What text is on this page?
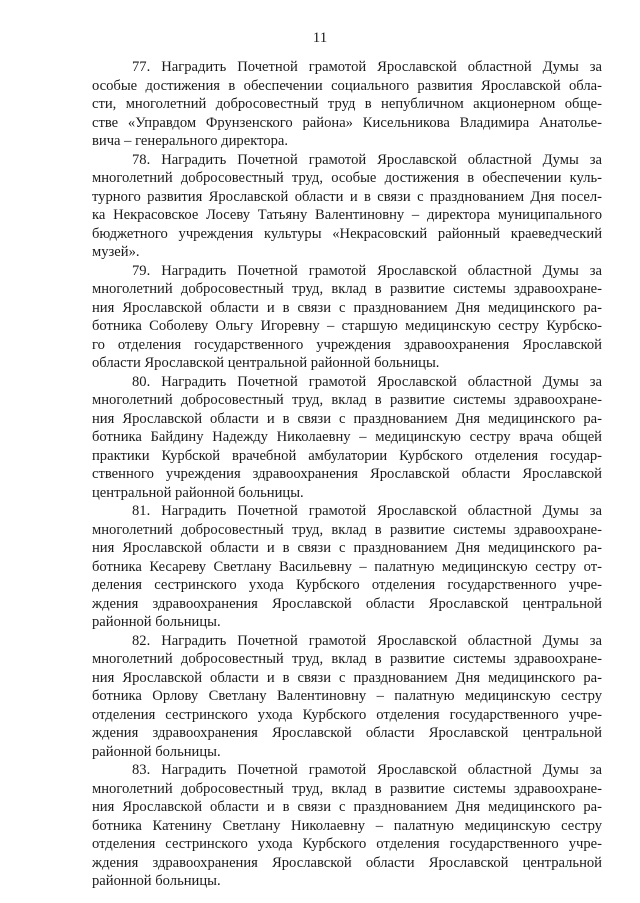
11

77. Наградить Почетной грамотой Ярославской областной Думы за
особые достижения в обеспечении социального развития Ярославской обла-
сти, многолетний добросовестный труд в непубличном акционерном обще-
стве «Управдом Фрунзенского района» Кисельникова Владимира Анатолье-
вича – генерального директора.

78. Наградить Почетной грамотой Ярославской областной Думы за
многолетний добросовестный труд, особые достижения в обеспечении куль-
турного развития Ярославской области и в связи с празднованием Дня посел-
ка Некрасовское Лосеву Татьяну Валентиновну – директора муниципального
бюджетного учреждения культуры «Некрасовский районный краеведческий
музей».

79. Наградить Почетной грамотой Ярославской областной Думы за
многолетний добросовестный труд, вклад в развитие системы здравоохране-
ния Ярославской области и в связи с празднованием Дня медицинского ра-
ботника Соболеву Ольгу Игоревну – старшую медицинскую сестру Курбско-
го отделения государственного учреждения здравоохранения Ярославской
области Ярославской центральной районной больницы.

80. Наградить Почетной грамотой Ярославской областной Думы за
многолетний добросовестный труд, вклад в развитие системы здравоохране-
ния Ярославской области и в связи с празднованием Дня медицинского ра-
ботника Байдину Надежду Николаевну – медицинскую сестру врача общей
практики Курбской врачебной амбулатории Курбского отделения государ-
ственного учреждения здравоохранения Ярославской области Ярославской
центральной районной больницы.

81. Наградить Почетной грамотой Ярославской областной Думы за
многолетний добросовестный труд, вклад в развитие системы здравоохране-
ния Ярославской области и в связи с празднованием Дня медицинского ра-
ботника Кесареву Светлану Васильевну – палатную медицинскую сестру от-
деления сестринского ухода Курбского отделения государственного учре-
ждения здравоохранения Ярославской области Ярославской центральной
районной больницы.

82. Наградить Почетной грамотой Ярославской областной Думы за
многолетний добросовестный труд, вклад в развитие системы здравоохране-
ния Ярославской области и в связи с празднованием Дня медицинского ра-
ботника Орлову Светлану Валентиновну – палатную медицинскую сестру
отделения сестринского ухода Курбского отделения государственного учре-
ждения здравоохранения Ярославской области Ярославской центральной
районной больницы.

83. Наградить Почетной грамотой Ярославской областной Думы за
многолетний добросовестный труд, вклад в развитие системы здравоохране-
ния Ярославской области и в связи с празднованием Дня медицинского ра-
ботника Катенину Светлану Николаевну – палатную медицинскую сестру
отделения сестринского ухода Курбского отделения государственного учре-
ждения здравоохранения Ярославской области Ярославской центральной
районной больницы.
